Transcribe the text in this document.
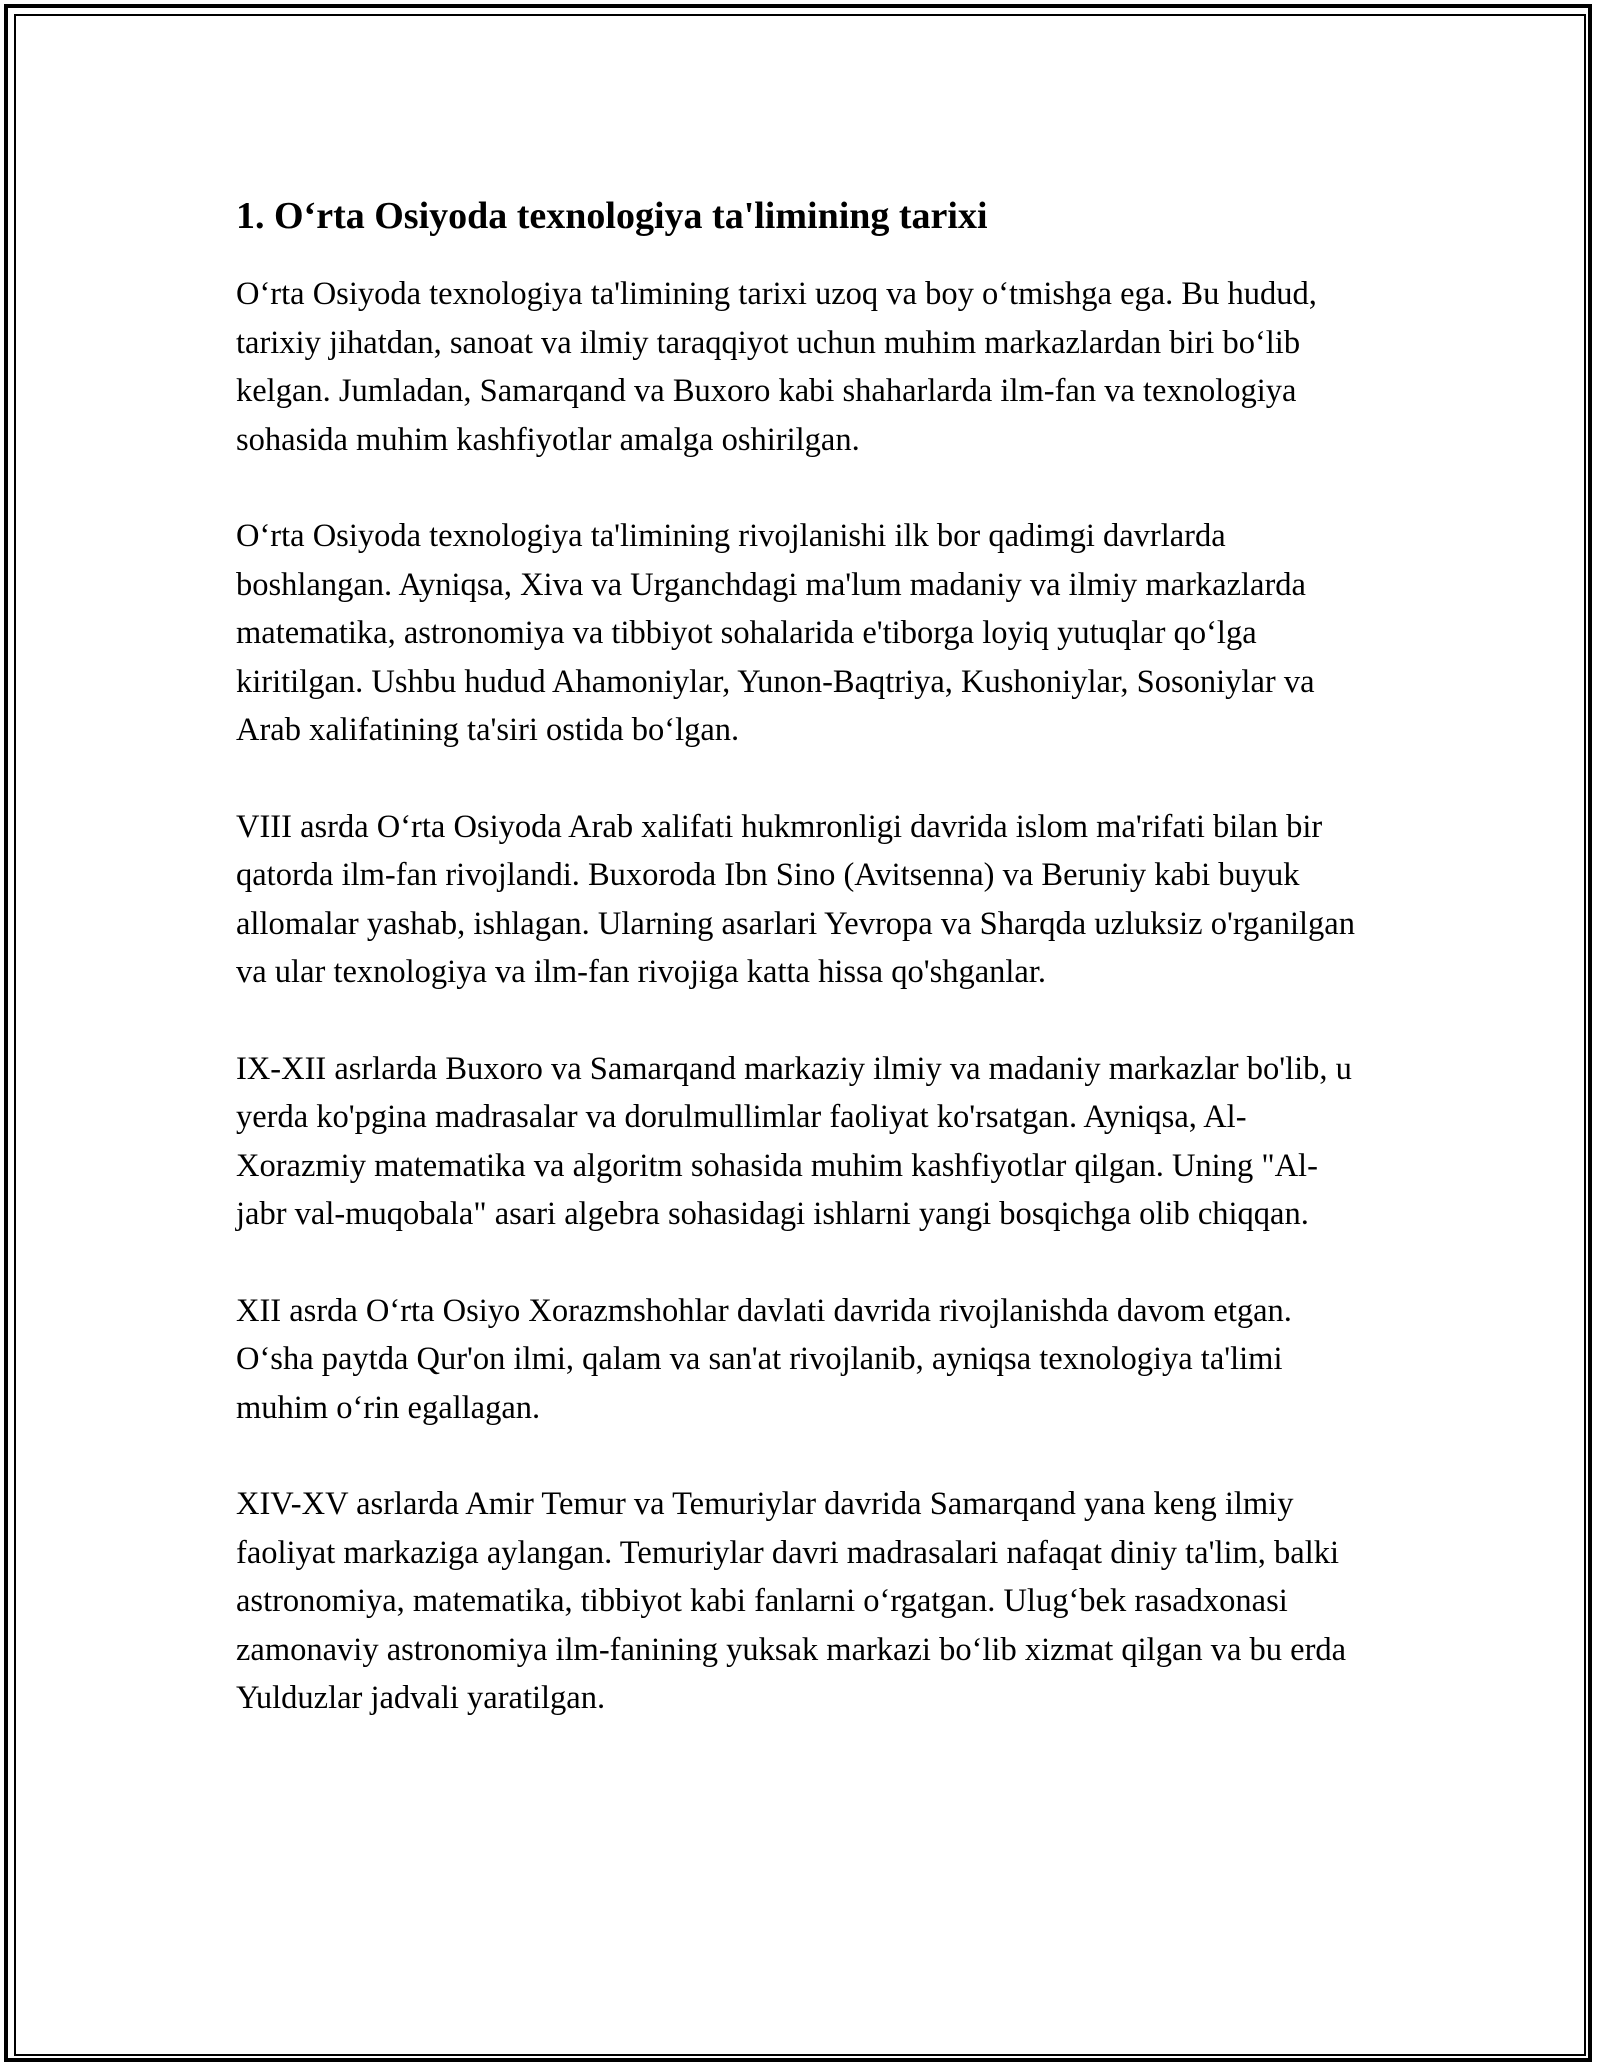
1. O‘rta Osiyoda texnologiya ta'limining tarixi

O‘rta Osiyoda texnologiya ta'limining tarixi uzoq va boy o‘tmishga ega. Bu hudud, tarixiy jihatdan, sanoat va ilmiy taraqqiyot uchun muhim markazlardan biri bo‘lib kelgan. Jumladan, Samarqand va Buxoro kabi shaharlarda ilm-fan va texnologiya sohasida muhim kashfiyotlar amalga oshirilgan.

O‘rta Osiyoda texnologiya ta'limining rivojlanishi ilk bor qadimgi davrlarda boshlangan. Ayniqsa, Xiva va Urganchdagi ma'lum madaniy va ilmiy markazlarda matematika, astronomiya va tibbiyot sohalarida e'tiborga loyiq yutuqlar qo‘lga kiritilgan. Ushbu hudud Ahamoniylar, Yunon-Baqtriya, Kushoniylar, Sosoniylar va Arab xalifatining ta'siri ostida bo‘lgan.

VIII asrda O‘rta Osiyoda Arab xalifati hukmronligi davrida islom ma'rifati bilan bir qatorda ilm-fan rivojlandi. Buxoroda Ibn Sino (Avitsenna) va Beruniy kabi buyuk allomalar yashab, ishlagan. Ularning asarlari Yevropa va Sharqda uzluksiz o'rganilgan va ular texnologiya va ilm-fan rivojiga katta hissa qo'shganlar.

IX-XII asrlarda Buxoro va Samarqand markaziy ilmiy va madaniy markazlar bo'lib, u yerda ko'pgina madrasalar va dorulmullimlar faoliyat ko'rsatgan. Ayniqsa, Al-Xorazmiy matematika va algoritm sohasida muhim kashfiyotlar qilgan. Uning "Al-jabr val-muqobala" asari algebra sohasidagi ishlarni yangi bosqichga olib chiqqan.

XII asrda O‘rta Osiyo Xorazmshohlar davlati davrida rivojlanishda davom etgan. O‘sha paytda Qur'on ilmi, qalam va san'at rivojlanib, ayniqsa texnologiya ta'limi muhim o‘rin egallagan.

XIV-XV asrlarda Amir Temur va Temuriylar davrida Samarqand yana keng ilmiy faoliyat markaziga aylangan. Temuriylar davri madrasalari nafaqat diniy ta'lim, balki astronomiya, matematika, tibbiyot kabi fanlarni o‘rgatgan. Ulug‘bek rasadxonasi zamonaviy astronomiya ilm-fanining yuksak markazi bo‘lib xizmat qilgan va bu erda Yulduzlar jadvali yaratilgan.
